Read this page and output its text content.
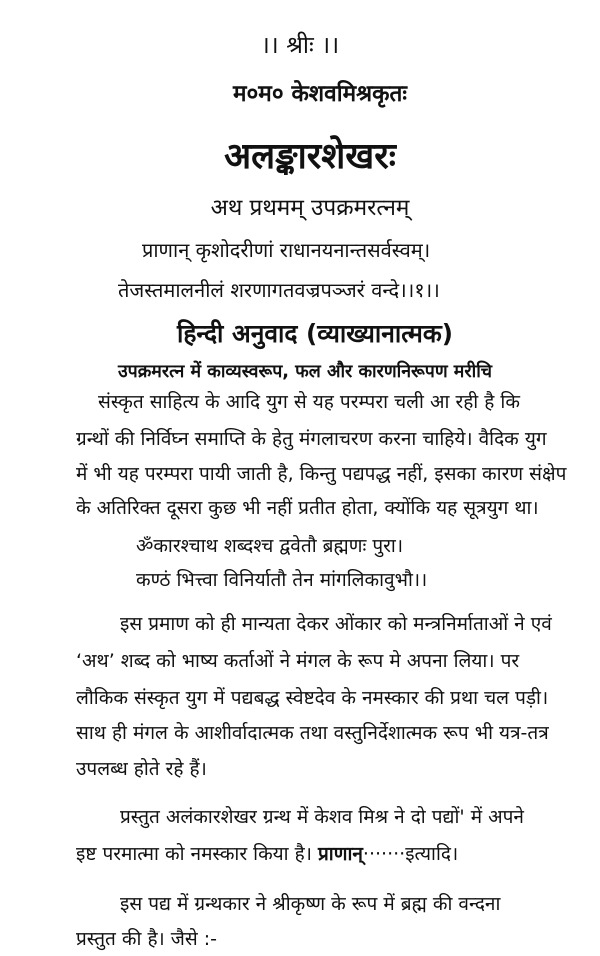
।। श्रीः ।।
म०म० केशवमिश्रकृतः
अलङ्कारशेखरः
अथ प्रथमम् उपक्रमरत्नम्
प्राणान् कृशोदरीणां राधानयनान्तसर्वस्वम्।
तेजस्तमालनीलं शरणागतवज्रपञ्जरं वन्दे।।१।।
हिन्दी अनुवाद (व्याख्यानात्मक)
उपक्रमरत्न में काव्यस्वरूप, फल और कारणनिरूपण मरीचि
संस्कृत साहित्य के आदि युग से यह परम्परा चली आ रही है कि
ग्रन्थों की निर्विघ्न समाप्ति के हेतु मंगलाचरण करना चाहिये। वैदिक युग
में भी यह परम्परा पायी जाती है, किन्तु पद्यपद्ध नहीं, इसका कारण संक्षेप
के अतिरिक्त दूसरा कुछ भी नहीं प्रतीत होता, क्योंकि यह सूत्रयुग था।
ॐकारश्चाथ शब्दश्च द्ववेतौ ब्रह्मणः पुरा।
कण्ठं भित्त्वा विनिर्यातौ तेन मांगलिकावुभौ।।
इस प्रमाण को ही मान्यता देकर ओंकार को मन्त्रनिर्माताओं ने एवं
‘अथ’ शब्द को भाष्य कर्ताओं ने मंगल के रूप मे अपना लिया। पर
लौकिक संस्कृत युग में पद्यबद्ध स्वेष्टदेव के नमस्कार की प्रथा चल पड़ी।
साथ ही मंगल के आशीर्वादात्मक तथा वस्तुनिर्देशात्मक रूप भी यत्र-तत्र
उपलब्ध होते रहे हैं।
प्रस्तुत अलंकारशेखर ग्रन्थ में केशव मिश्र ने दो पद्यों' में अपने
इष्ट परमात्मा को नमस्कार किया है। प्राणान्·······इत्यादि।
इस पद्य में ग्रन्थकार ने श्रीकृष्ण के रूप में ब्रह्म की वन्दना
प्रस्तुत की है। जैसे :-
